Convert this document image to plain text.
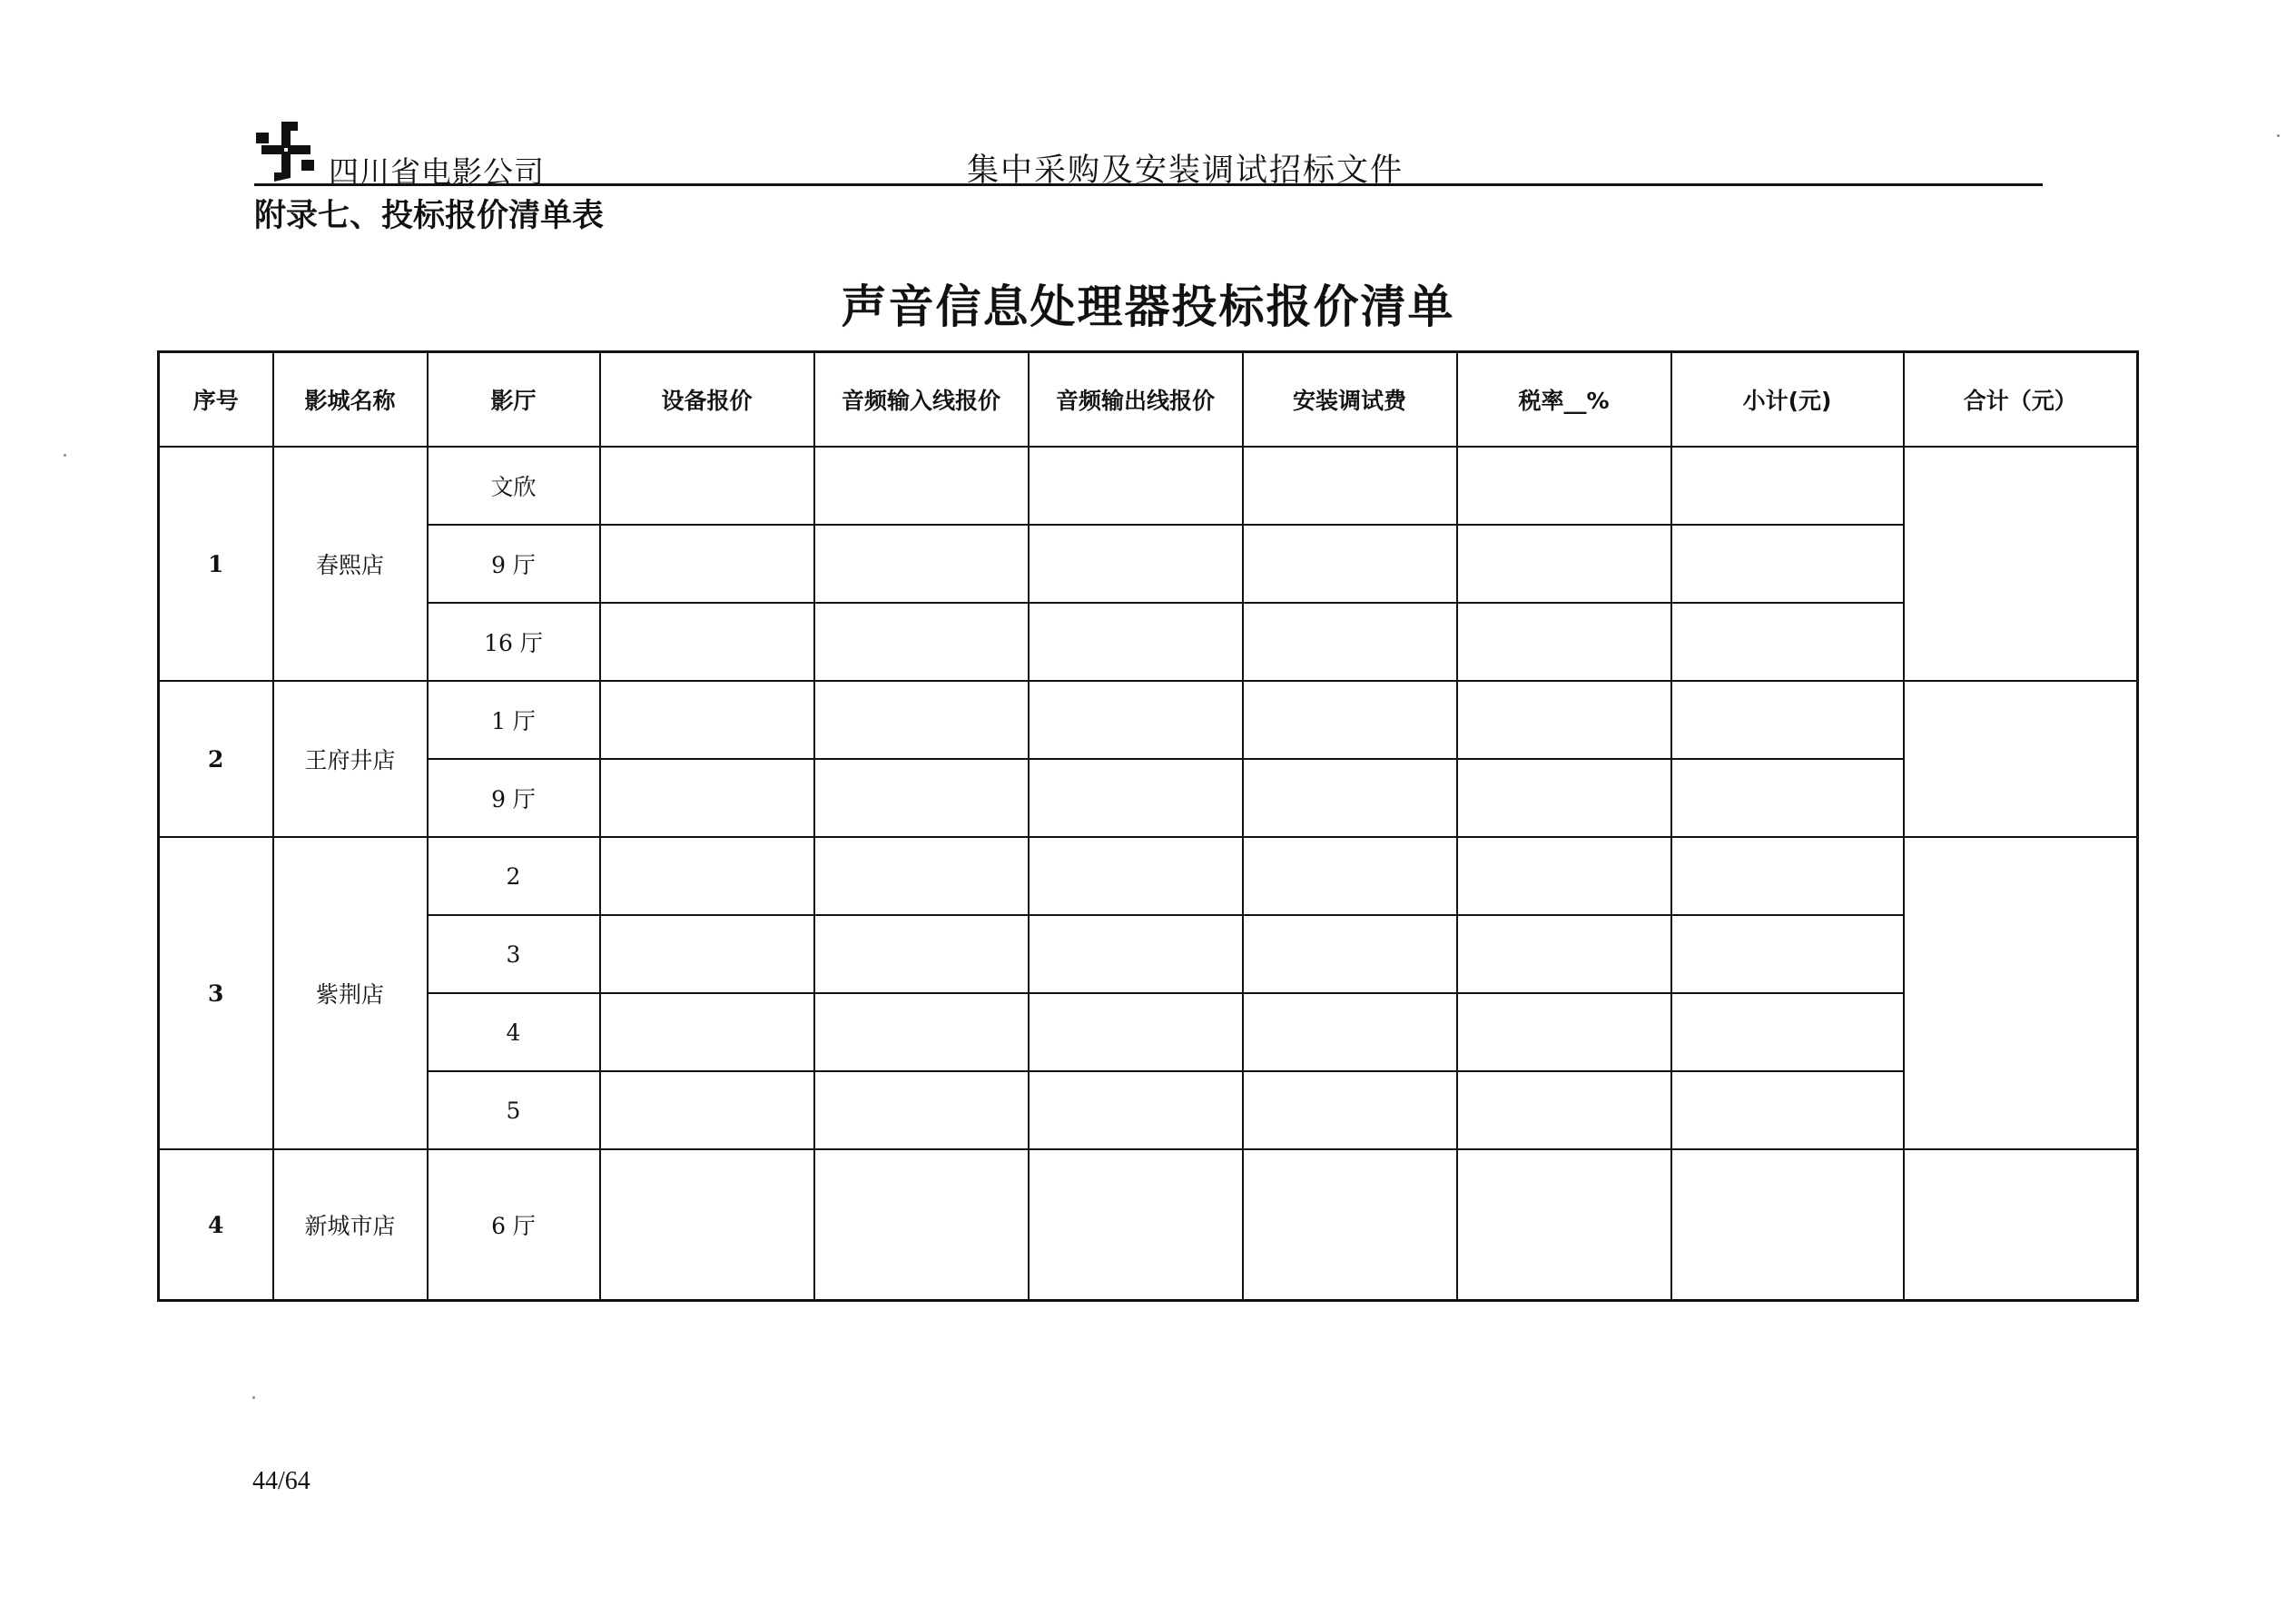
四川省电影公司	集中采购及安装调试招标文件
附录七、投标报价清单表
声音信息处理器投标报价清单
序号	影城名称	影厅	设备报价	音频输入线报价	音频输出线报价	安装调试费	税率__%	小计(元)	合计（元）
1	春熙店	文欣							
		9 厅							
		16 厅							
2	王府井店	1 厅							
		9 厅							
3	紫荆店	2							
		3							
		4							
		5							
4	新城市店	6 厅							
44/64
